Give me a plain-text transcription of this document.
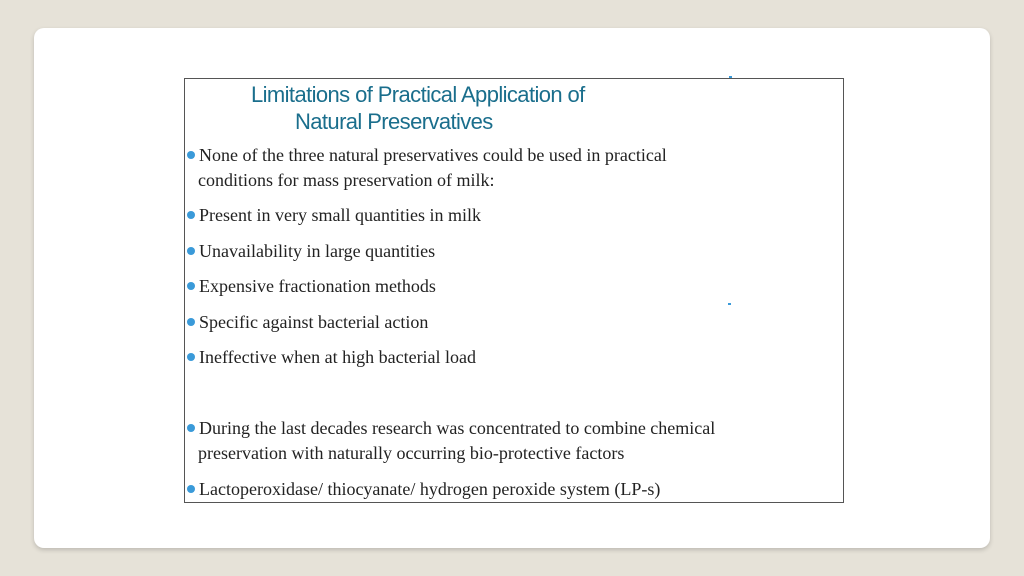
Limitations of Practical Application of
Natural Preservatives
None of the three natural preservatives could be used in practical
conditions for mass preservation of milk:
Present in very small quantities in milk
Unavailability in large quantities
Expensive fractionation methods
Specific against bacterial action
Ineffective when at high bacterial load
During the last decades research was concentrated to combine chemical
preservation with naturally occurring bio-protective factors
Lactoperoxidase/ thiocyanate/ hydrogen peroxide system (LP-s)
